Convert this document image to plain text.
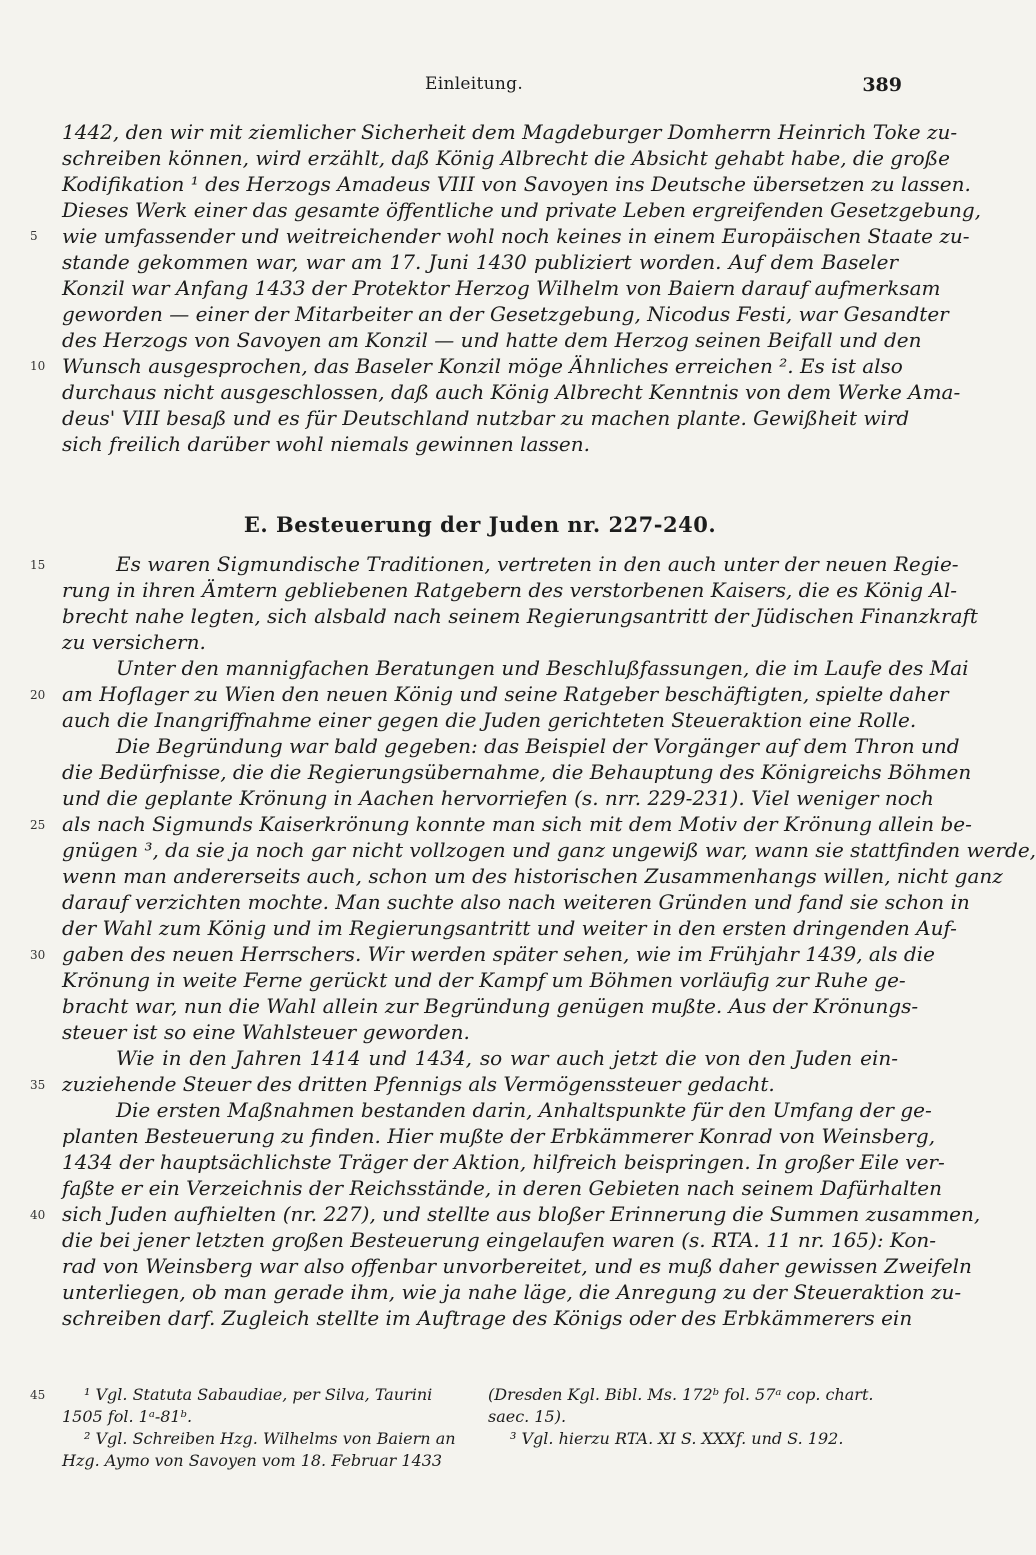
Einleitung.	389
1442, den wir mit ziemlicher Sicherheit dem Magdeburger Domherrn Heinrich Toke zu-
schreiben können, wird erzählt, daß König Albrecht die Absicht gehabt habe, die große
Kodifikation ¹ des Herzogs Amadeus VIII von Savoyen ins Deutsche übersetzen zu lassen.
Dieses Werk einer das gesamte öffentliche und private Leben ergreifenden Gesetzgebung,
wie umfassender und weitreichender wohl noch keines in einem Europäischen Staate zu-
stande gekommen war, war am 17. Juni 1430 publiziert worden. Auf dem Baseler
Konzil war Anfang 1433 der Protektor Herzog Wilhelm von Baiern darauf aufmerksam
geworden — einer der Mitarbeiter an der Gesetzgebung, Nicodus Festi, war Gesandter
des Herzogs von Savoyen am Konzil — und hatte dem Herzog seinen Beifall und den
Wunsch ausgesprochen, das Baseler Konzil möge Ähnliches erreichen ². Es ist also
durchaus nicht ausgeschlossen, daß auch König Albrecht Kenntnis von dem Werke Ama-
deus' VIII besaß und es für Deutschland nutzbar zu machen plante. Gewißheit wird
sich freilich darüber wohl niemals gewinnen lassen.
E. Besteuerung der Juden nr. 227-240.
Es waren Sigmundische Traditionen, vertreten in den auch unter der neuen Regie-
rung in ihren Ämtern gebliebenen Ratgebern des verstorbenen Kaisers, die es König Al-
brecht nahe legten, sich alsbald nach seinem Regierungsantritt der Jüdischen Finanzkraft
zu versichern.
Unter den mannigfachen Beratungen und Beschlußfassungen, die im Laufe des Mai
am Hoflager zu Wien den neuen König und seine Ratgeber beschäftigten, spielte daher
auch die Inangriffnahme einer gegen die Juden gerichteten Steueraktion eine Rolle.
Die Begründung war bald gegeben: das Beispiel der Vorgänger auf dem Thron und
die Bedürfnisse, die die Regierungsübernahme, die Behauptung des Königreichs Böhmen
und die geplante Krönung in Aachen hervorriefen (s. nrr. 229-231). Viel weniger noch
als nach Sigmunds Kaiserkrönung konnte man sich mit dem Motiv der Krönung allein be-
gnügen ³, da sie ja noch gar nicht vollzogen und ganz ungewiß war, wann sie stattfinden werde,
wenn man andererseits auch, schon um des historischen Zusammenhangs willen, nicht ganz
darauf verzichten mochte. Man suchte also nach weiteren Gründen und fand sie schon in
der Wahl zum König und im Regierungsantritt und weiter in den ersten dringenden Auf-
gaben des neuen Herrschers. Wir werden später sehen, wie im Frühjahr 1439, als die
Krönung in weite Ferne gerückt und der Kampf um Böhmen vorläufig zur Ruhe ge-
bracht war, nun die Wahl allein zur Begründung genügen mußte. Aus der Krönungs-
steuer ist so eine Wahlsteuer geworden.
Wie in den Jahren 1414 und 1434, so war auch jetzt die von den Juden ein-
zuziehende Steuer des dritten Pfennigs als Vermögenssteuer gedacht.
Die ersten Maßnahmen bestanden darin, Anhaltspunkte für den Umfang der ge-
planten Besteuerung zu finden. Hier mußte der Erbkämmerer Konrad von Weinsberg,
1434 der hauptsächlichste Träger der Aktion, hilfreich beispringen. In großer Eile ver-
faßte er ein Verzeichnis der Reichsstände, in deren Gebieten nach seinem Dafürhalten
sich Juden aufhielten (nr. 227), und stellte aus bloßer Erinnerung die Summen zusammen,
die bei jener letzten großen Besteuerung eingelaufen waren (s. RTA. 11 nr. 165): Kon-
rad von Weinsberg war also offenbar unvorbereitet, und es muß daher gewissen Zweifeln
unterliegen, ob man gerade ihm, wie ja nahe läge, die Anregung zu der Steueraktion zu-
schreiben darf. Zugleich stellte im Auftrage des Königs oder des Erbkämmerers ein
5
10
15
20
25
30
35
40
45	¹ Vgl. Statuta Sabaudiae, per Silva, Taurini
1505 fol. 1ᵃ-81ᵇ.
² Vgl. Schreiben Hzg. Wilhelms von Baiern an
Hzg. Aymo von Savoyen vom 18. Februar 1433
(Dresden Kgl. Bibl. Ms. 172ᵇ fol. 57ᵃ cop. chart.
saec. 15).
³ Vgl. hierzu RTA. XI S. XXXf. und S. 192.
